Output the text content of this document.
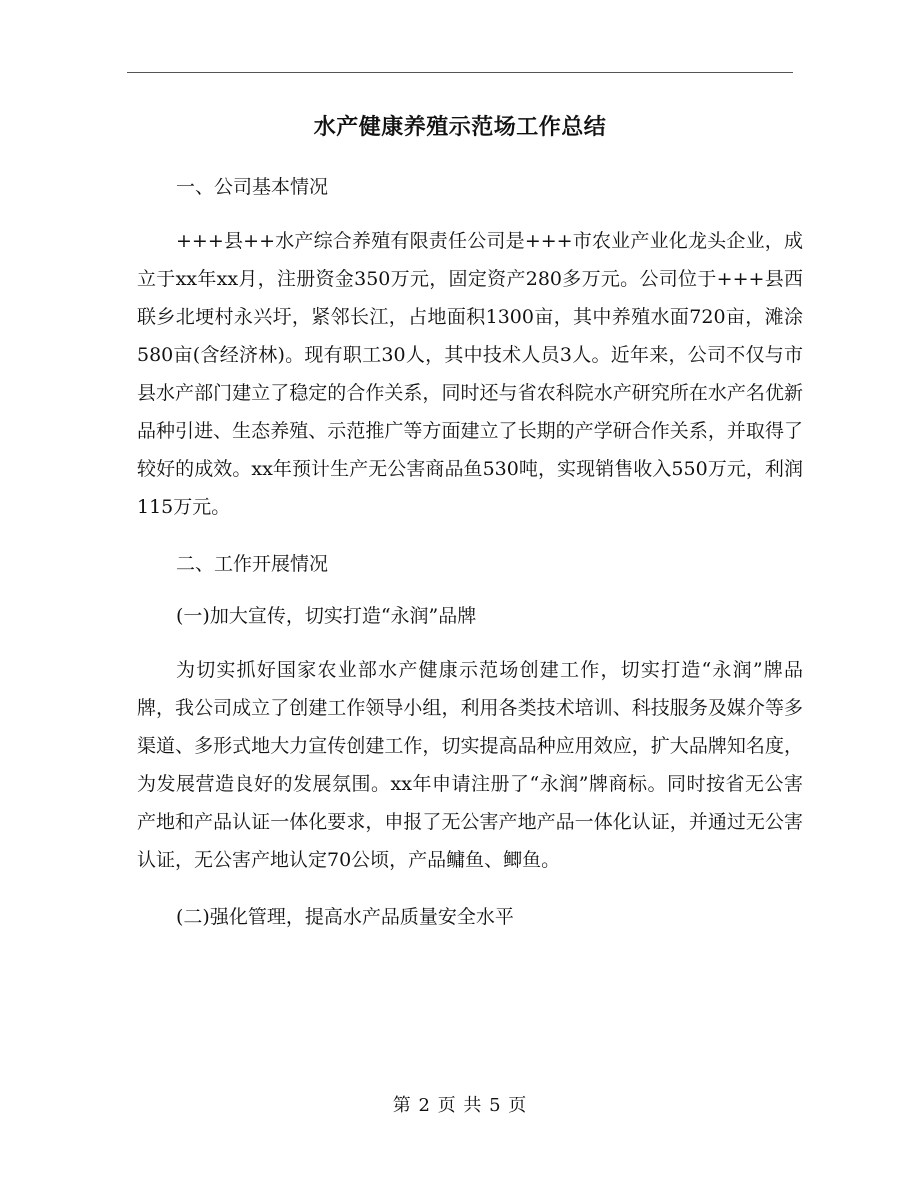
水产健康养殖示范场工作总结

一、公司基本情况

+++县++水产综合养殖有限责任公司是+++市农业产业化龙头企业，成立于xx年xx月，注册资金350万元，固定资产280多万元。公司位于+++县西联乡北埂村永兴圩，紧邻长江，占地面积1300亩，其中养殖水面720亩，滩涂580亩(含经济林)。现有职工30人，其中技术人员3人。近年来，公司不仅与市县水产部门建立了稳定的合作关系，同时还与省农科院水产研究所在水产名优新品种引进、生态养殖、示范推广等方面建立了长期的产学研合作关系，并取得了较好的成效。xx年预计生产无公害商品鱼530吨，实现销售收入550万元，利润115万元。

二、工作开展情况

(一)加大宣传，切实打造“永润”品牌

为切实抓好国家农业部水产健康示范场创建工作，切实打造“永润”牌品牌，我公司成立了创建工作领导小组，利用各类技术培训、科技服务及媒介等多渠道、多形式地大力宣传创建工作，切实提高品种应用效应，扩大品牌知名度，为发展营造良好的发展氛围。xx年申请注册了“永润”牌商标。同时按省无公害产地和产品认证一体化要求，申报了无公害产地产品一体化认证，并通过无公害认证，无公害产地认定70公顷，产品鳙鱼、鲫鱼。

(二)强化管理，提高水产品质量安全水平

第 2 页 共 5 页
